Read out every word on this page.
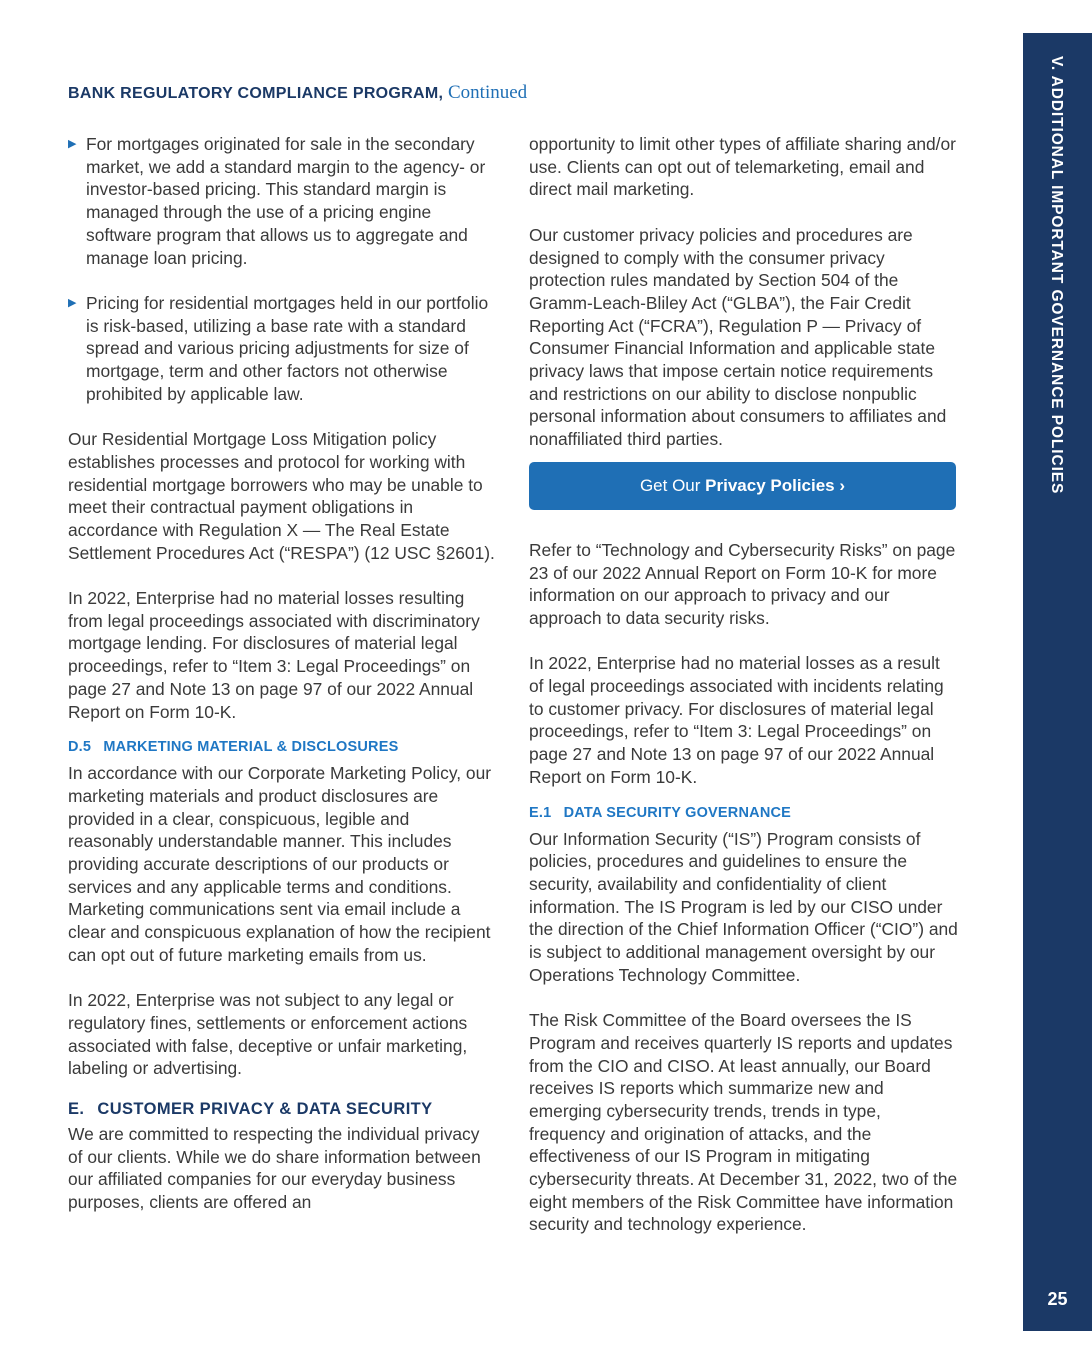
BANK REGULATORY COMPLIANCE PROGRAM, Continued
▶ For mortgages originated for sale in the secondary market, we add a standard margin to the agency- or investor-based pricing. This standard margin is managed through the use of a pricing engine software program that allows us to aggregate and manage loan pricing.
▶ Pricing for residential mortgages held in our portfolio is risk-based, utilizing a base rate with a standard spread and various pricing adjustments for size of mortgage, term and other factors not otherwise prohibited by applicable law.

Our Residential Mortgage Loss Mitigation policy establishes processes and protocol for working with residential mortgage borrowers who may be unable to meet their contractual payment obligations in accordance with Regulation X — The Real Estate Settlement Procedures Act (“RESPA”) (12 USC §2601).

In 2022, Enterprise had no material losses resulting from legal proceedings associated with discriminatory mortgage lending. For disclosures of material legal proceedings, refer to “Item 3: Legal Proceedings” on page 27 and Note 13 on page 97 of our 2022 Annual Report on Form 10-K.

D.5 MARKETING MATERIAL & DISCLOSURES

In accordance with our Corporate Marketing Policy, our marketing materials and product disclosures are provided in a clear, conspicuous, legible and reasonably understandable manner. This includes providing accurate descriptions of our products or services and any applicable terms and conditions. Marketing communications sent via email include a clear and conspicuous explanation of how the recipient can opt out of future marketing emails from us.

In 2022, Enterprise was not subject to any legal or regulatory fines, settlements or enforcement actions associated with false, deceptive or unfair marketing, labeling or advertising.

E. CUSTOMER PRIVACY & DATA SECURITY

We are committed to respecting the individual privacy of our clients. While we do share information between our affiliated companies for our everyday business purposes, clients are offered an

opportunity to limit other types of affiliate sharing and/or use. Clients can opt out of telemarketing, email and direct mail marketing.

Our customer privacy policies and procedures are designed to comply with the consumer privacy protection rules mandated by Section 504 of the Gramm-Leach-Bliley Act (“GLBA”), the Fair Credit Reporting Act (“FCRA”), Regulation P — Privacy of Consumer Financial Information and applicable state privacy laws that impose certain notice requirements and restrictions on our ability to disclose nonpublic personal information about consumers to affiliates and nonaffiliated third parties.

Get Our Privacy Policies ›

Refer to “Technology and Cybersecurity Risks” on page 23 of our 2022 Annual Report on Form 10-K for more information on our approach to privacy and our approach to data security risks.

In 2022, Enterprise had no material losses as a result of legal proceedings associated with incidents relating to customer privacy. For disclosures of material legal proceedings, refer to “Item 3: Legal Proceedings” on page 27 and Note 13 on page 97 of our 2022 Annual Report on Form 10-K.

E.1 DATA SECURITY GOVERNANCE

Our Information Security (“IS”) Program consists of policies, procedures and guidelines to ensure the security, availability and confidentiality of client information. The IS Program is led by our CISO under the direction of the Chief Information Officer (“CIO”) and is subject to additional management oversight by our Operations Technology Committee.

The Risk Committee of the Board oversees the IS Program and receives quarterly IS reports and updates from the CIO and CISO. At least annually, our Board receives IS reports which summarize new and emerging cybersecurity trends, trends in type, frequency and origination of attacks, and the effectiveness of our IS Program in mitigating cybersecurity threats. At December 31, 2022, two of the eight members of the Risk Committee have information security and technology experience.

V. ADDITIONAL IMPORTANT GOVERNANCE POLICIES
25
